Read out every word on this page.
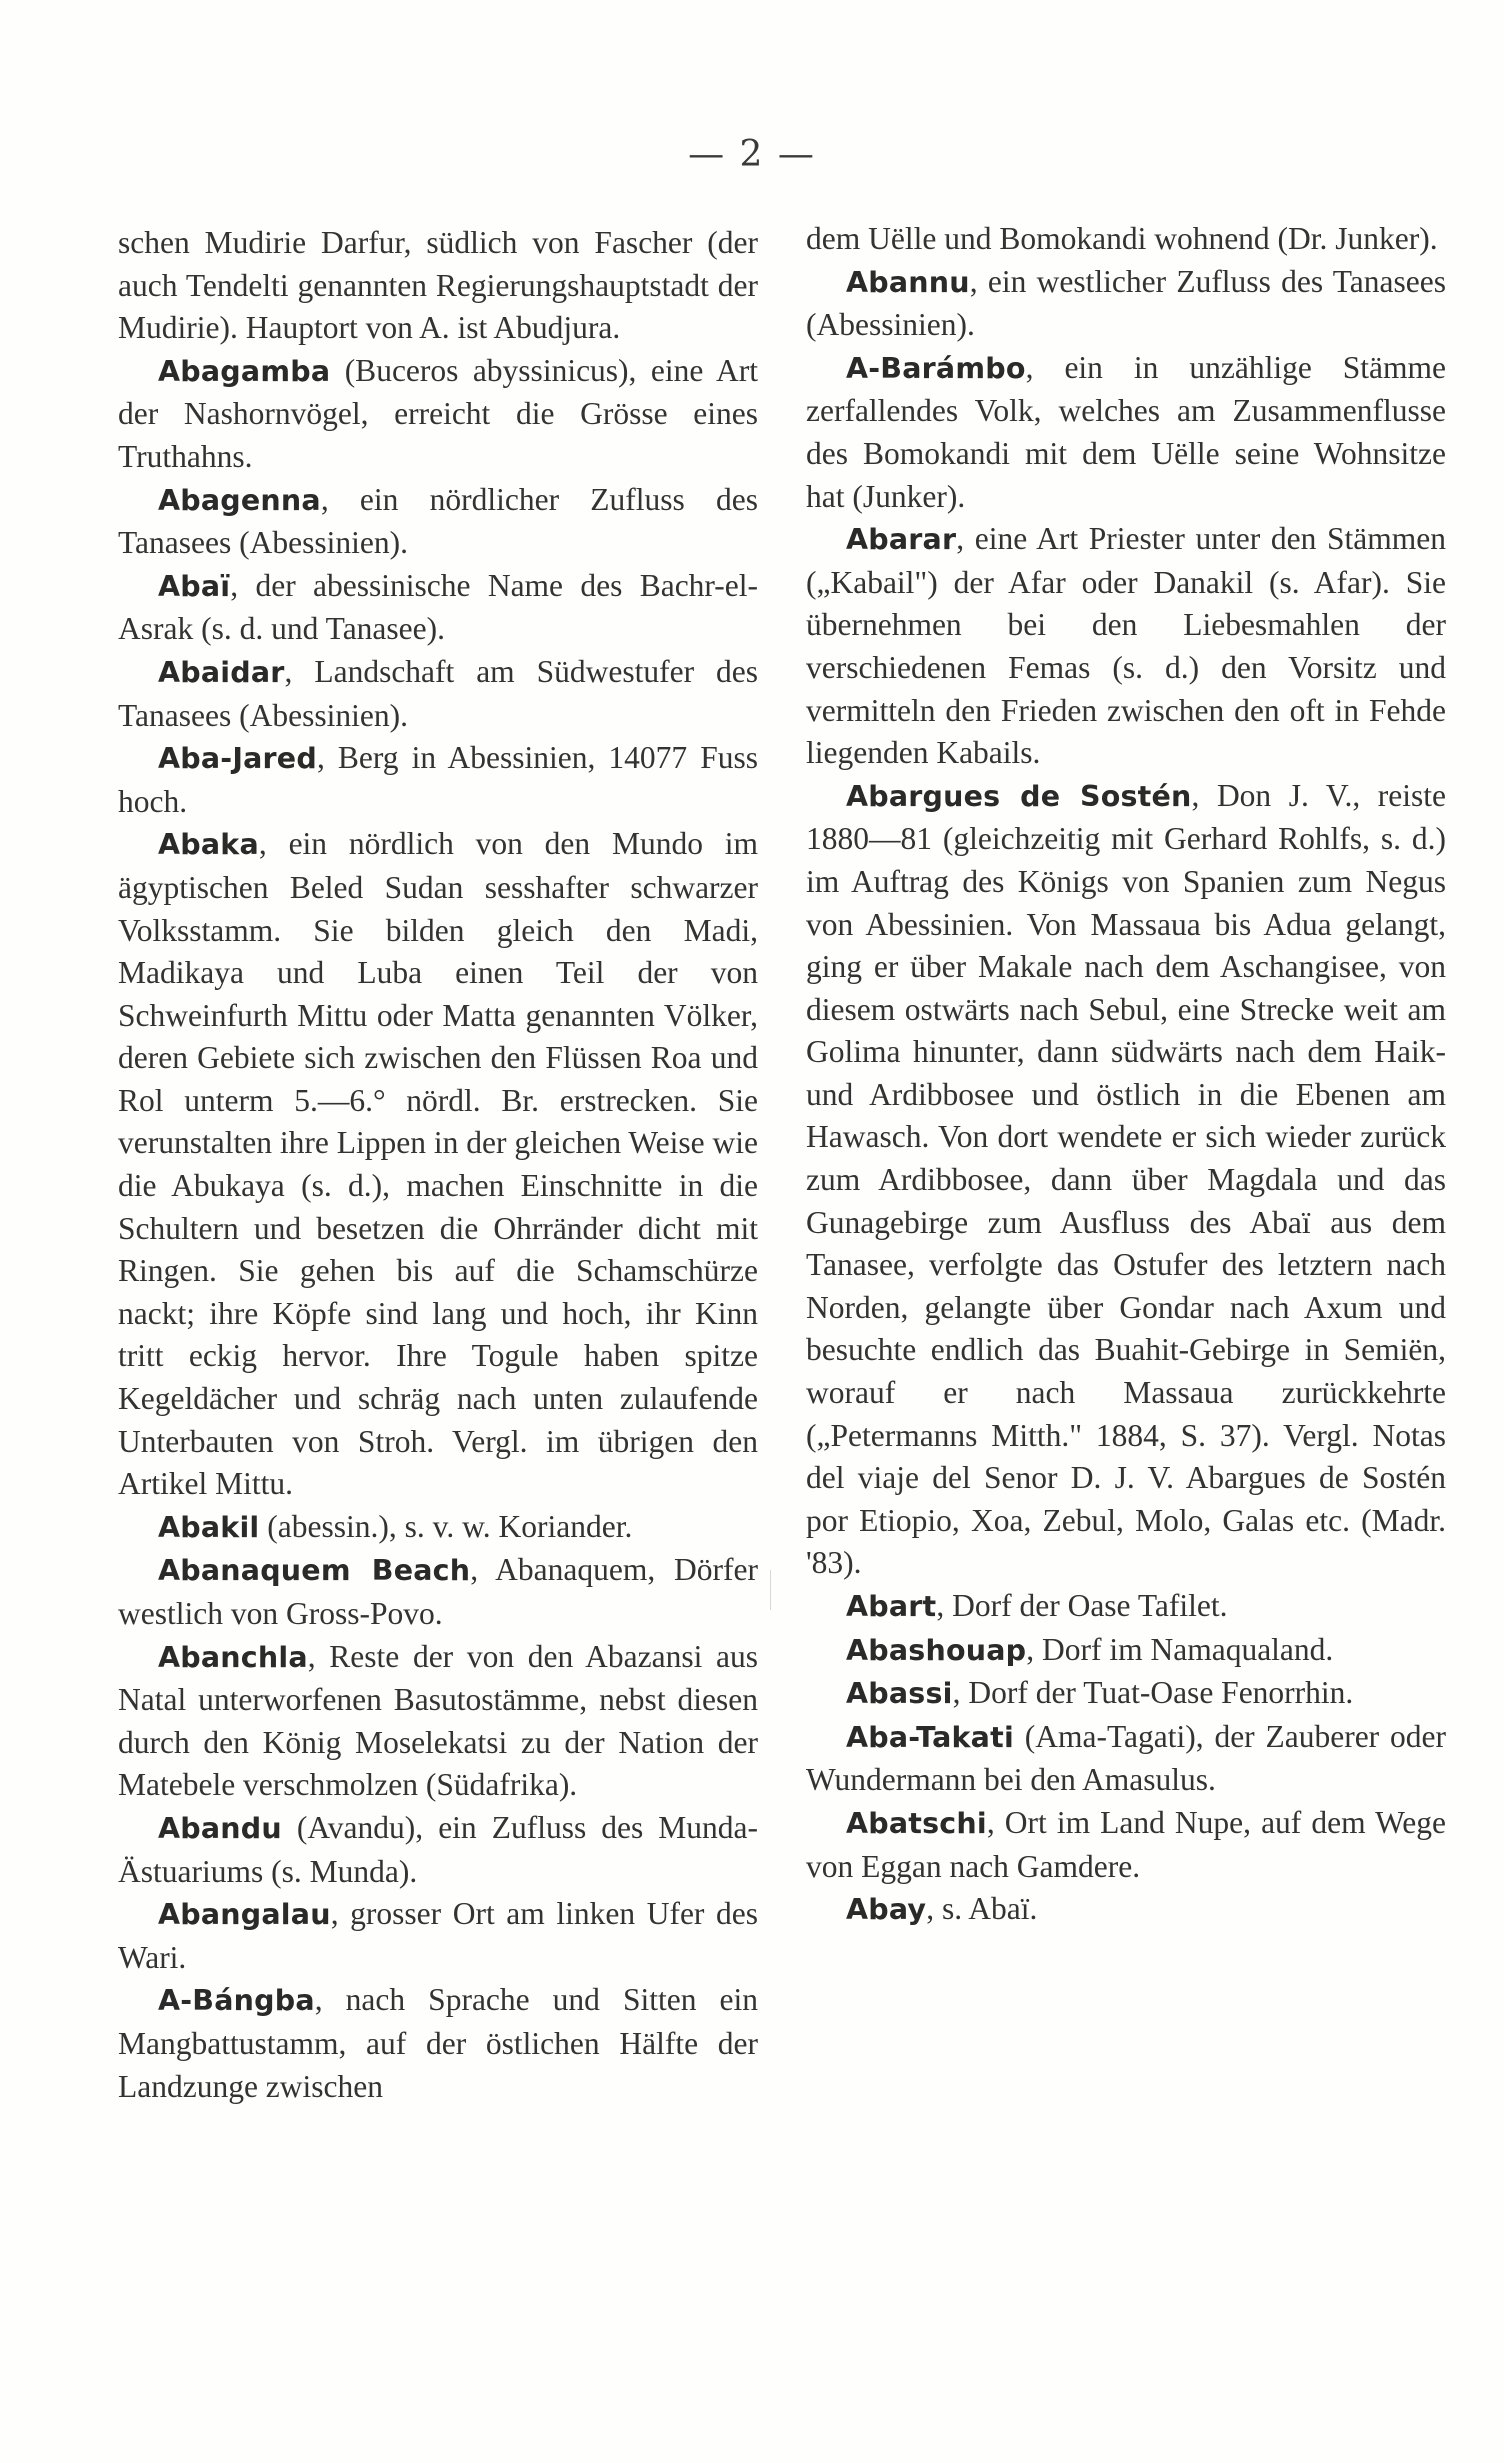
— 2 —

schen Mudirie Darfur, südlich von Fascher (der auch Tendelti genannten Regierungshauptstadt der Mudirie). Hauptort von A. ist Abudjura.

Abagamba (Buceros abyssinicus), eine Art der Nashornvögel, erreicht die Grösse eines Truthahns.

Abagenna, ein nördlicher Zufluss des Tanasees (Abessinien).

Abaï, der abessinische Name des Bachr-el-Asrak (s. d. und Tanasee).

Abaidar, Landschaft am Südwestufer des Tanasees (Abessinien).

Aba-Jared, Berg in Abessinien, 14077 Fuss hoch.

Abaka, ein nördlich von den Mundo im ägyptischen Beled Sudan sesshafter schwarzer Volksstamm. Sie bilden gleich den Madi, Madikaya und Luba einen Teil der von Schweinfurth Mittu oder Matta genannten Völker, deren Gebiete sich zwischen den Flüssen Roa und Rol unterm 5.—6.° nördl. Br. erstrecken. Sie verunstalten ihre Lippen in der gleichen Weise wie die Abukaya (s. d.), machen Einschnitte in die Schultern und besetzen die Ohrränder dicht mit Ringen. Sie gehen bis auf die Schamschürze nackt; ihre Köpfe sind lang und hoch, ihr Kinn tritt eckig hervor. Ihre Togule haben spitze Kegeldächer und schräg nach unten zulaufende Unterbauten von Stroh. Vergl. im übrigen den Artikel Mittu.

Abakil (abessin.), s. v. w. Koriander.

Abanaquem Beach, Abanaquem, Dörfer westlich von Gross-Povo.

Abanchla, Reste der von den Abazansi aus Natal unterworfenen Basutostämme, nebst diesen durch den König Moselekatsi zu der Nation der Matebele verschmolzen (Südafrika).

Abandu (Avandu), ein Zufluss des Munda-Ästuariums (s. Munda).

Abangalau, grosser Ort am linken Ufer des Wari.

A-Bángba, nach Sprache und Sitten ein Mangbattustamm, auf der östlichen Hälfte der Landzunge zwischen

dem Uëlle und Bomokandi wohnend (Dr. Junker).

Abannu, ein westlicher Zufluss des Tanasees (Abessinien).

A-Barámbo, ein in unzählige Stämme zerfallendes Volk, welches am Zusammenflusse des Bomokandi mit dem Uëlle seine Wohnsitze hat (Junker).

Abarar, eine Art Priester unter den Stämmen („Kabail") der Afar oder Danakil (s. Afar). Sie übernehmen bei den Liebesmahlen der verschiedenen Femas (s. d.) den Vorsitz und vermitteln den Frieden zwischen den oft in Fehde liegenden Kabails.

Abargues de Sostén, Don J. V., reiste 1880—81 (gleichzeitig mit Gerhard Rohlfs, s. d.) im Auftrag des Königs von Spanien zum Negus von Abessinien. Von Massaua bis Adua gelangt, ging er über Makale nach dem Aschangisee, von diesem ostwärts nach Sebul, eine Strecke weit am Golima hinunter, dann südwärts nach dem Haik- und Ardibbosee und östlich in die Ebenen am Hawasch. Von dort wendete er sich wieder zurück zum Ardibbosee, dann über Magdala und das Gunagebirge zum Ausfluss des Abaï aus dem Tanasee, verfolgte das Ostufer des letztern nach Norden, gelangte über Gondar nach Axum und besuchte endlich das Buahit-Gebirge in Semiën, worauf er nach Massaua zurückkehrte („Petermanns Mitth." 1884, S. 37). Vergl. Notas del viaje del Senor D. J. V. Abargues de Sostén por Etiopio, Xoa, Zebul, Molo, Galas etc. (Madr. '83).

Abart, Dorf der Oase Tafilet.

Abashouap, Dorf im Namaqualand.

Abassi, Dorf der Tuat-Oase Fenorrhin.

Aba-Takati (Ama-Tagati), der Zauberer oder Wundermann bei den Amasulus.

Abatschi, Ort im Land Nupe, auf dem Wege von Eggan nach Gamdere.

Abay, s. Abaï.
